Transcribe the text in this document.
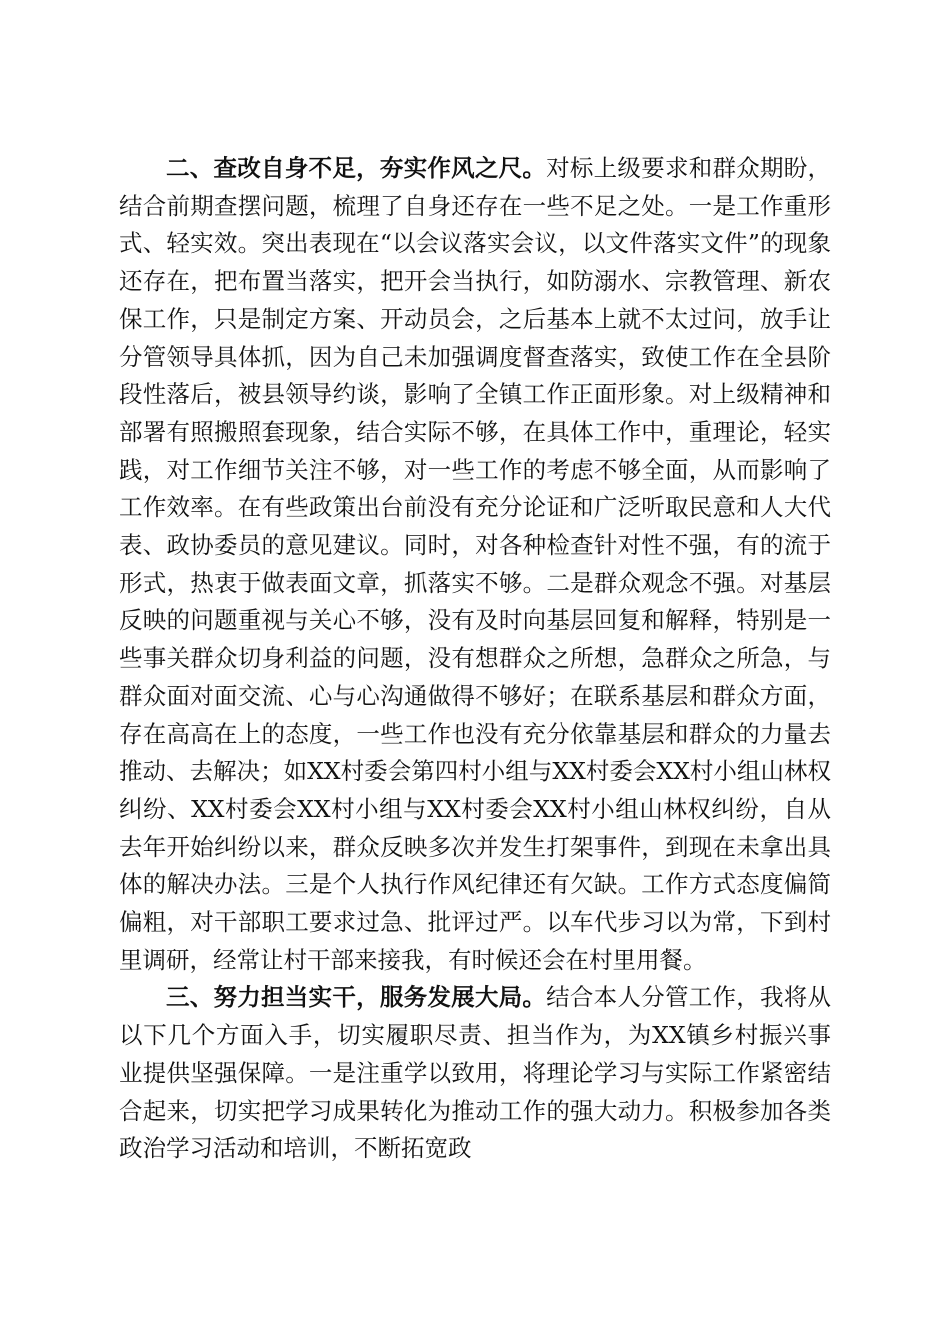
二、查改自身不足，夯实作风之尺。对标上级要求和群众期盼，结合前期查摆问题，梳理了自身还存在一些不足之处。一是工作重形式、轻实效。突出表现在“以会议落实会议，以文件落实文件”的现象还存在，把布置当落实，把开会当执行，如防溺水、宗教管理、新农保工作，只是制定方案、开动员会，之后基本上就不太过问，放手让分管领导具体抓，因为自己未加强调度督查落实，致使工作在全县阶段性落后，被县领导约谈，影响了全镇工作正面形象。对上级精神和部署有照搬照套现象，结合实际不够，在具体工作中，重理论，轻实践，对工作细节关注不够，对一些工作的考虑不够全面，从而影响了工作效率。在有些政策出台前没有充分论证和广泛听取民意和人大代表、政协委员的意见建议。同时，对各种检查针对性不强，有的流于形式，热衷于做表面文章，抓落实不够。二是群众观念不强。对基层反映的问题重视与关心不够，没有及时向基层回复和解释，特别是一些事关群众切身利益的问题，没有想群众之所想，急群众之所急，与群众面对面交流、心与心沟通做得不够好；在联系基层和群众方面，存在高高在上的态度，一些工作也没有充分依靠基层和群众的力量去推动、去解决；如XX村委会第四村小组与XX村委会XX村小组山林权纠纷、XX村委会XX村小组与XX村委会XX村小组山林权纠纷，自从去年开始纠纷以来，群众反映多次并发生打架事件，到现在未拿出具体的解决办法。三是个人执行作风纪律还有欠缺。工作方式态度偏简偏粗，对干部职工要求过急、批评过严。以车代步习以为常，下到村里调研，经常让村干部来接我，有时候还会在村里用餐。

三、努力担当实干，服务发展大局。结合本人分管工作，我将从以下几个方面入手，切实履职尽责、担当作为，为XX镇乡村振兴事业提供坚强保障。一是注重学以致用，将理论学习与实际工作紧密结合起来，切实把学习成果转化为推动工作的强大动力。积极参加各类政治学习活动和培训，不断拓宽政
